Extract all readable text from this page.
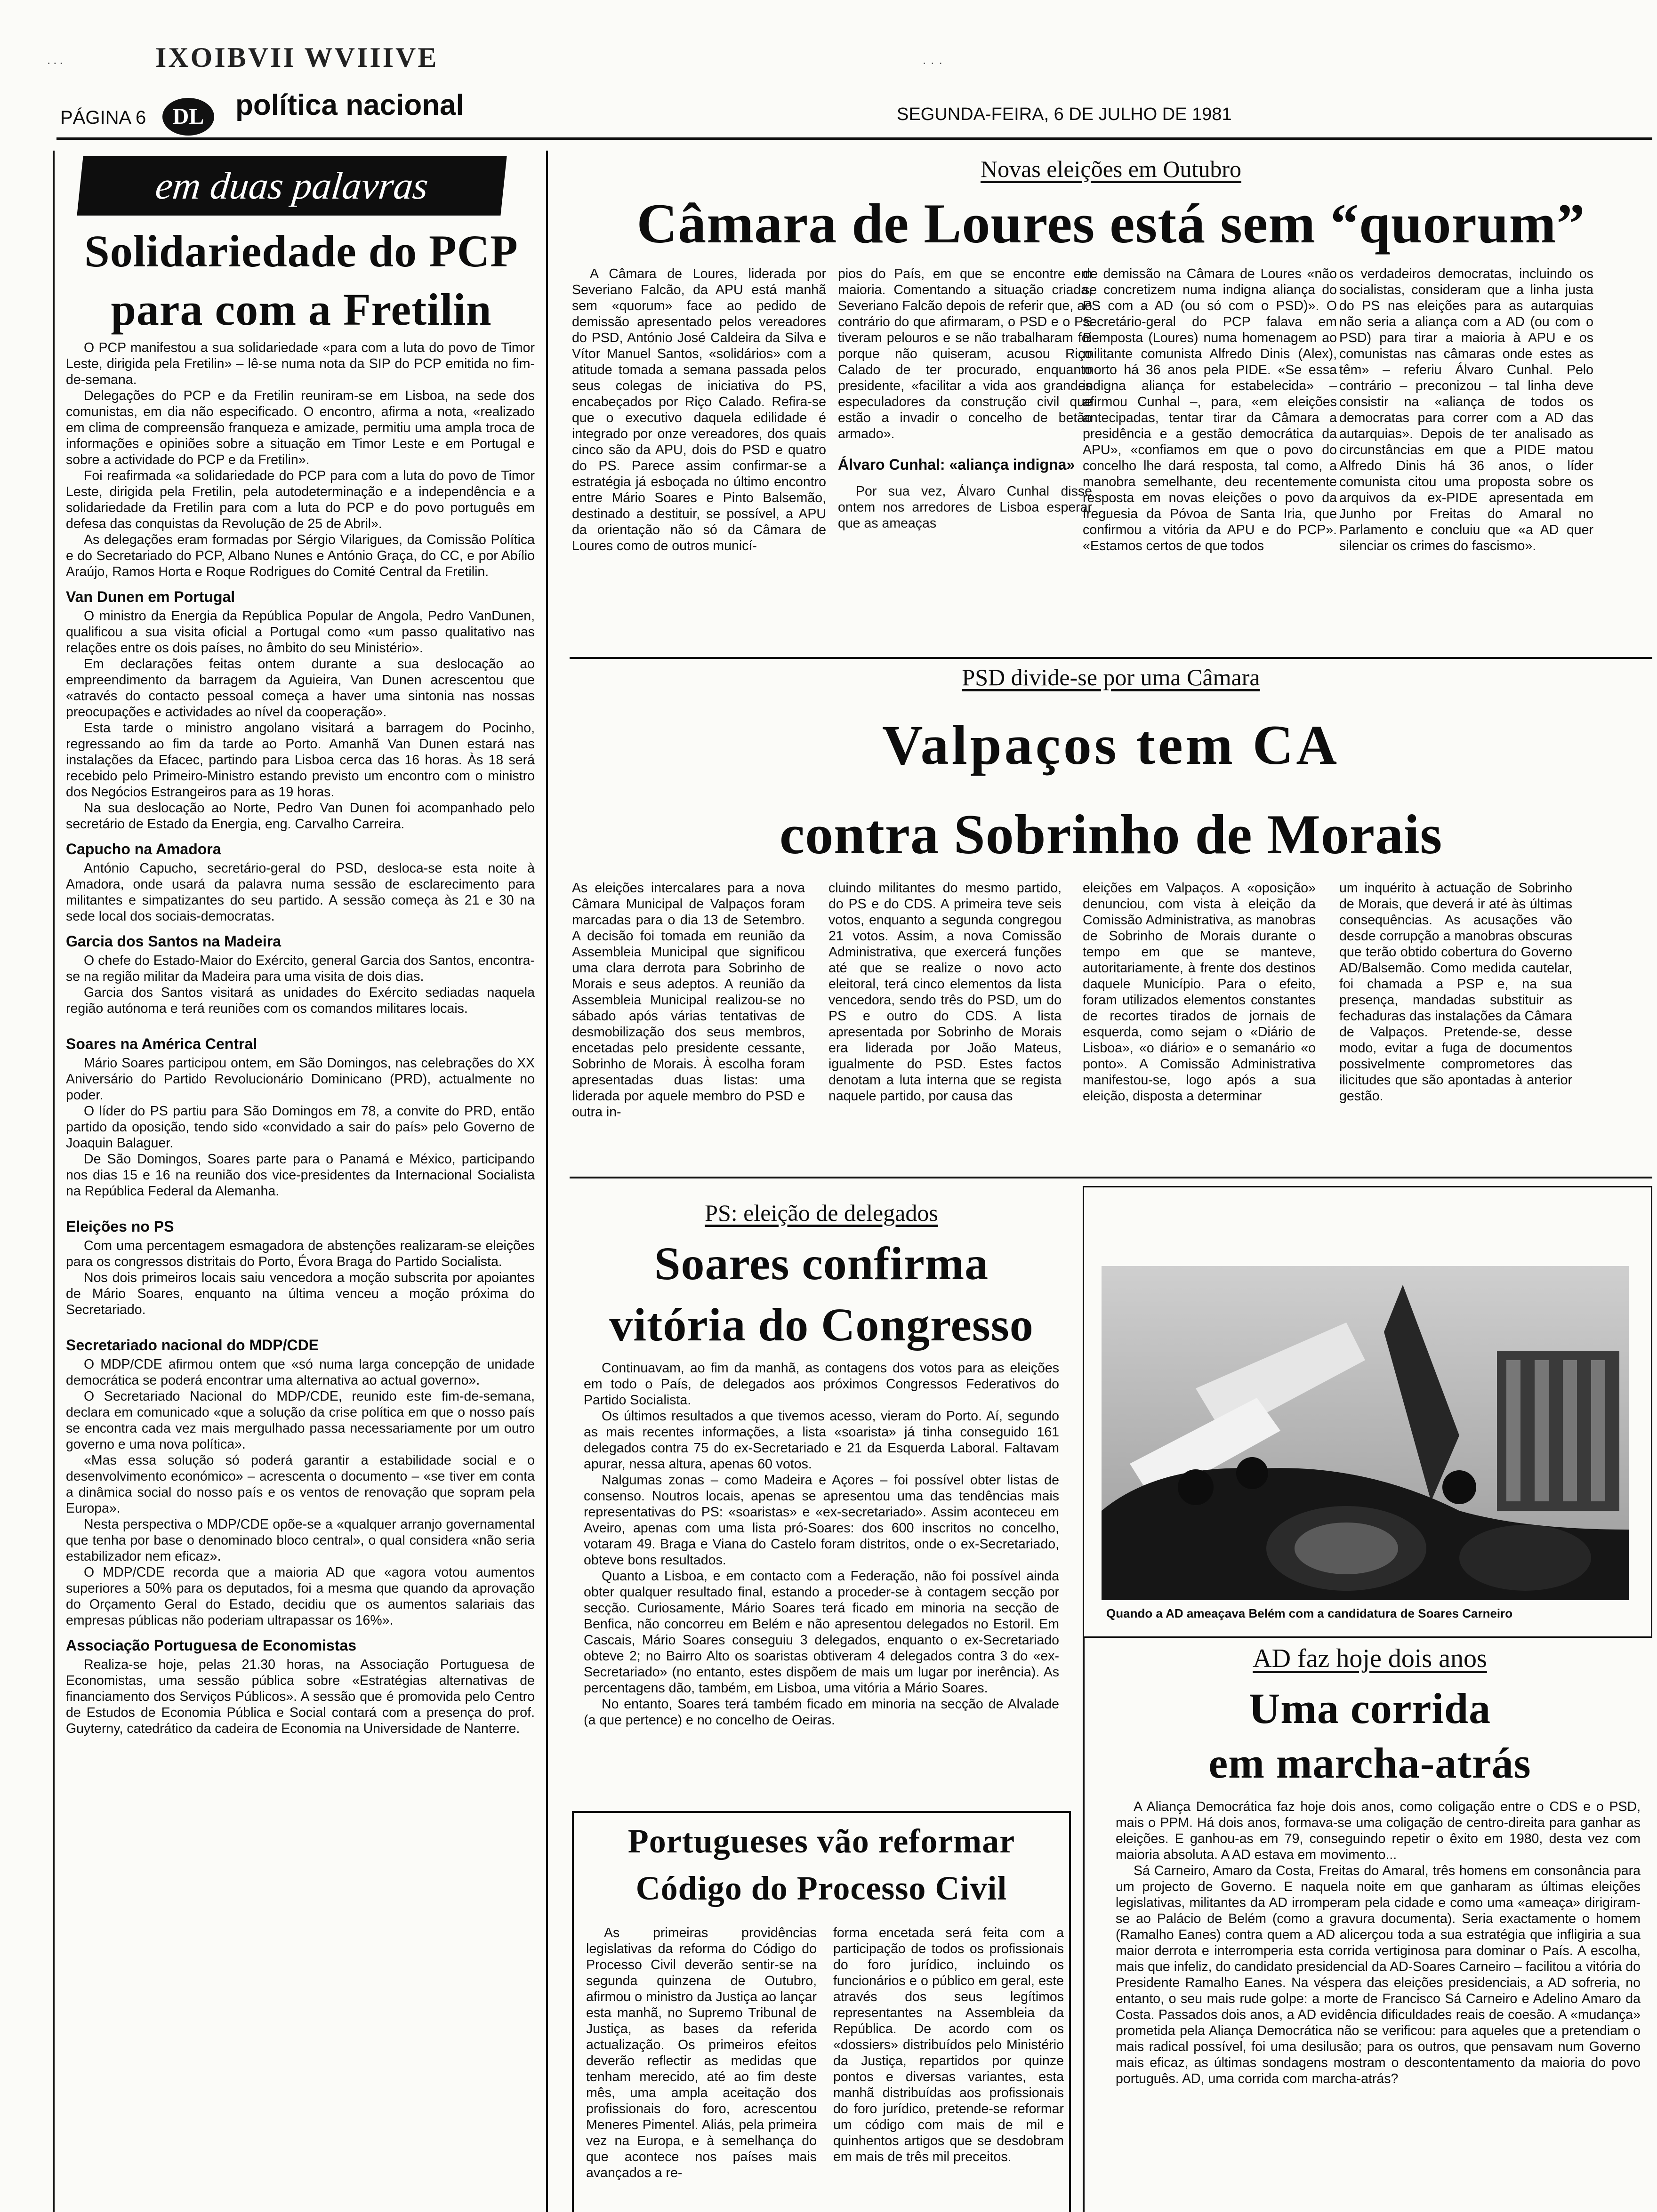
...	IXOIBVII WVIIIVE	...
PÁGINA 6	DL	política nacional	SEGUNDA-FEIRA, 6 DE JULHO DE 1981
em duas palavras
Solidariedade do PCP para com a Fretilin

O PCP manifestou a sua solidariedade «para com a luta do povo de Timor Leste, dirigida pela Fretilin» – lê-se numa nota da SIP do PCP emitida no fim-de-semana.

Delegações do PCP e da Fretilin reuniram-se em Lisboa, na sede dos comunistas, em dia não especificado. O encontro, afirma a nota, «realizado em clima de compreensão franqueza e amizade, permitiu uma ampla troca de informações e opiniões sobre a situação em Timor Leste e em Portugal e sobre a actividade do PCP e da Fretilin».

Foi reafirmada «a solidariedade do PCP para com a luta do povo de Timor Leste, dirigida pela Fretilin, pela autodeterminação e a independência e a solidariedade da Fretilin para com a luta do PCP e do povo português em defesa das conquistas da Revolução de 25 de Abril».

As delegações eram formadas por Sérgio Vilarigues, da Comissão Política e do Secretariado do PCP, Albano Nunes e António Graça, do CC, e por Abílio Araújo, Ramos Horta e Roque Rodrigues do Comité Central da Fretilin.

Van Dunen em Portugal

O ministro da Energia da República Popular de Angola, Pedro VanDunen, qualificou a sua visita oficial a Portugal como «um passo qualitativo nas relações entre os dois países, no âmbito do seu Ministério».

Em declarações feitas ontem durante a sua deslocação ao empreendimento da barragem da Aguieira, Van Dunen acrescentou que «através do contacto pessoal começa a haver uma sintonia nas nossas preocupações e actividades ao nível da cooperação».

Esta tarde o ministro angolano visitará a barragem do Pocinho, regressando ao fim da tarde ao Porto. Amanhã Van Dunen estará nas instalações da Efacec, partindo para Lisboa cerca das 16 horas. Às 18 será recebido pelo Primeiro-Ministro estando previsto um encontro com o ministro dos Negócios Estrangeiros para as 19 horas.

Na sua deslocação ao Norte, Pedro Van Dunen foi acompanhado pelo secretário de Estado da Energia, eng. Carvalho Carreira.

Capucho na Amadora

António Capucho, secretário-geral do PSD, desloca-se esta noite à Amadora, onde usará da palavra numa sessão de esclarecimento para militantes e simpatizantes do seu partido. A sessão começa às 21 e 30 na sede local dos sociais-democratas.

Garcia dos Santos na Madeira

O chefe do Estado-Maior do Exército, general Garcia dos Santos, encontra-se na região militar da Madeira para uma visita de dois dias.

Garcia dos Santos visitará as unidades do Exército sediadas naquela região autónoma e terá reuniões com os comandos militares locais.

Soares na América Central

Mário Soares participou ontem, em São Domingos, nas celebrações do XX Aniversário do Partido Revolucionário Dominicano (PRD), actualmente no poder.

O líder do PS partiu para São Domingos em 78, a convite do PRD, então partido da oposição, tendo sido «convidado a sair do país» pelo Governo de Joaquin Balaguer.

De São Domingos, Soares parte para o Panamá e México, participando nos dias 15 e 16 na reunião dos vice-presidentes da Internacional Socialista na República Federal da Alemanha.

Eleições no PS

Com uma percentagem esmagadora de abstenções realizaram-se eleições para os congressos distritais do Porto, Évora Braga do Partido Socialista.

Nos dois primeiros locais saiu vencedora a moção subscrita por apoiantes de Mário Soares, enquanto na última venceu a moção próxima do Secretariado.

Secretariado nacional do MDP/CDE

O MDP/CDE afirmou ontem que «só numa larga concepção de unidade democrática se poderá encontrar uma alternativa ao actual governo».

O Secretariado Nacional do MDP/CDE, reunido este fim-de-semana, declara em comunicado «que a solução da crise política em que o nosso país se encontra cada vez mais mergulhado passa necessariamente por um outro governo e uma nova política».

«Mas essa solução só poderá garantir a estabilidade social e o desenvolvimento económico» – acrescenta o documento – «se tiver em conta a dinâmica social do nosso país e os ventos de renovação que sopram pela Europa».

Nesta perspectiva o MDP/CDE opõe-se a «qualquer arranjo governamental que tenha por base o denominado bloco central», o qual considera «não seria estabilizador nem eficaz».

O MDP/CDE recorda que a maioria AD que «agora votou aumentos superiores a 50% para os deputados, foi a mesma que quando da aprovação do Orçamento Geral do Estado, decidiu que os aumentos salariais das empresas públicas não poderiam ultrapassar os 16%».

Associação Portuguesa de Economistas

Realiza-se hoje, pelas 21.30 horas, na Associação Portuguesa de Economistas, uma sessão pública sobre «Estratégias alternativas de financiamento dos Serviços Públicos». A sessão que é promovida pelo Centro de Estudos de Economia Pública e Social contará com a presença do prof. Guyterny, catedrático da cadeira de Economia na Universidade de Nanterre.

Novas eleições em Outubro
Câmara de Loures está sem “quorum”
A Câmara de Loures, liderada por Severiano Falcão, da APU está manhã sem «quorum» face ao pedido de demissão apresentado pelos vereadores do PSD, António José Caldeira da Silva e Vítor Manuel Santos, «solidários» com a atitude tomada a semana passada pelos seus colegas de iniciativa do PS, encabeçados por Riço Calado. Refira-se que o executivo daquela edilidade é integrado por onze vereadores, dos quais cinco são da APU, dois do PSD e quatro do PS. Parece assim confirmar-se a estratégia já esboçada no último encontro entre Mário Soares e Pinto Balsemão, destinado a destituir, se possível, a APU da orientação não só da Câmara de Loures como de outros municí-
pios do País, em que se encontre em maioria. Comentando a situação criada, Severiano Falcão depois de referir que, ao contrário do que afirmaram, o PSD e o PS tiveram pelouros e se não trabalharam foi porque não quiseram, acusou Riço Calado de ter procurado, enquanto presidente, «facilitar a vida aos grandes especuladores da construção civil que estão a invadir o concelho de betão armado».
Álvaro Cunhal: «aliança indigna»
Por sua vez, Álvaro Cunhal disse ontem nos arredores de Lisboa esperar que as ameaças
de demissão na Câmara de Loures «não se concretizem numa indigna aliança do PS com a AD (ou só com o PSD)». O secretário-geral do PCP falava em Bemposta (Loures) numa homenagem ao militante comunista Alfredo Dinis (Alex), morto há 36 anos pela PIDE. «Se essa indigna aliança for estabelecida» – afirmou Cunhal –, para, «em eleições antecipadas, tentar tirar da Câmara a presidência e a gestão democrática da APU», «confiamos em que o povo do concelho lhe dará resposta, tal como, a manobra semelhante, deu recentemente resposta em novas eleições o povo da freguesia da Póvoa de Santa Iria, que confirmou a vitória da APU e do PCP». «Estamos certos de que todos
os verdadeiros democratas, incluindo os socialistas, consideram que a linha justa do PS nas eleições para as autarquias não seria a aliança com a AD (ou com o PSD) para tirar a maioria à APU e os comunistas nas câmaras onde estes as têm» – referiu Álvaro Cunhal. Pelo contrário – preconizou – tal linha deve consistir na «aliança de todos os democratas para correr com a AD das autarquias». Depois de ter analisado as circunstâncias em que a PIDE matou Alfredo Dinis há 36 anos, o líder comunista citou uma proposta sobre os arquivos da ex-PIDE apresentada em Junho por Freitas do Amaral no Parlamento e concluiu que «a AD quer silenciar os crimes do fascismo».
PSD divide-se por uma Câmara
Valpaços tem CA
contra Sobrinho de Morais
As eleições intercalares para a nova Câmara Municipal de Valpaços foram marcadas para o dia 13 de Setembro. A decisão foi tomada em reunião da Assembleia Municipal que significou uma clara derrota para Sobrinho de Morais e seus adeptos. A reunião da Assembleia Municipal realizou-se no sábado após várias tentativas de desmobilização dos seus membros, encetadas pelo presidente cessante, Sobrinho de Morais. À escolha foram apresentadas duas listas: uma liderada por aquele membro do PSD e outra in-
cluindo militantes do mesmo partido, do PS e do CDS. A primeira teve seis votos, enquanto a segunda congregou 21 votos. Assim, a nova Comissão Administrativa, que exercerá funções até que se realize o novo acto eleitoral, terá cinco elementos da lista vencedora, sendo três do PSD, um do PS e outro do CDS. A lista apresentada por Sobrinho de Morais era liderada por João Mateus, igualmente do PSD. Estes factos denotam a luta interna que se regista naquele partido, por causa das
eleições em Valpaços. A «oposição» denunciou, com vista à eleição da Comissão Administrativa, as manobras de Sobrinho de Morais durante o tempo em que se manteve, autoritariamente, à frente dos destinos daquele Município. Para o efeito, foram utilizados elementos constantes de recortes tirados de jornais de esquerda, como sejam o «Diário de Lisboa», «o diário» e o semanário «o ponto». A Comissão Administrativa manifestou-se, logo após a sua eleição, disposta a determinar
um inquérito à actuação de Sobrinho de Morais, que deverá ir até às últimas consequências. As acusações vão desde corrupção a manobras obscuras que terão obtido cobertura do Governo AD/Balsemão. Como medida cautelar, foi chamada a PSP e, na sua presença, mandadas substituir as fechaduras das instalações da Câmara de Valpaços. Pretende-se, desse modo, evitar a fuga de documentos possivelmente comprometores das ilicitudes que são apontadas à anterior gestão.
PS: eleição de delegados
Soares confirma
vitória do Congresso

Continuavam, ao fim da manhã, as contagens dos votos para as eleições em todo o País, de delegados aos próximos Congressos Federativos do Partido Socialista.

Os últimos resultados a que tivemos acesso, vieram do Porto. Aí, segundo as mais recentes informações, a lista «soarista» já tinha conseguido 161 delegados contra 75 do ex-Secretariado e 21 da Esquerda Laboral. Faltavam apurar, nessa altura, apenas 60 votos.

Nalgumas zonas – como Madeira e Açores – foi possível obter listas de consenso. Noutros locais, apenas se apresentou uma das tendências mais representativas do PS: «soaristas» e «ex-secretariado». Assim aconteceu em Aveiro, apenas com uma lista pró-Soares: dos 600 inscritos no concelho, votaram 49. Braga e Viana do Castelo foram distritos, onde o ex-Secretariado, obteve bons resultados.

Quanto a Lisboa, e em contacto com a Federação, não foi possível ainda obter qualquer resultado final, estando a proceder-se à contagem secção por secção. Curiosamente, Mário Soares terá ficado em minoria na secção de Benfica, não concorreu em Belém e não apresentou delegados no Estoril. Em Cascais, Mário Soares conseguiu 3 delegados, enquanto o ex-Secretariado obteve 2; no Bairro Alto os soaristas obtiveram 4 delegados contra 3 do «ex-Secretariado» (no entanto, estes dispõem de mais um lugar por inerência). As percentagens dão, também, em Lisboa, uma vitória a Mário Soares.

No entanto, Soares terá também ficado em minoria na secção de Alvalade (a que pertence) e no concelho de Oeiras.

Portugueses vão reformar
Código do Processo Civil
As primeiras providências legislativas da reforma do Código do Processo Civil deverão sentir-se na segunda quinzena de Outubro, afirmou o ministro da Justiça ao lançar esta manhã, no Supremo Tribunal de Justiça, as bases da referida actualização. Os primeiros efeitos deverão reflectir as medidas que tenham merecido, até ao fim deste mês, uma ampla aceitação dos profissionais do foro, acrescentou Meneres Pimentel. Aliás, pela primeira vez na Europa, e à semelhança do que acontece nos países mais avançados a re-
forma encetada será feita com a participação de todos os profissionais do foro jurídico, incluindo os funcionários e o público em geral, este através dos seus legítimos representantes na Assembleia da República. De acordo com os «dossiers» distribuídos pelo Ministério da Justiça, repartidos por quinze pontos e diversas variantes, esta manhã distribuídas aos profissionais do foro jurídico, pretende-se reformar um código com mais de mil e quinhentos artigos que se desdobram em mais de três mil preceitos.
Quando a AD ameaçava Belém com a candidatura de Soares Carneiro
AD faz hoje dois anos
Uma corrida
em marcha-atrás

A Aliança Democrática faz hoje dois anos, como coligação entre o CDS e o PSD, mais o PPM. Há dois anos, formava-se uma coligação de centro-direita para ganhar as eleições. E ganhou-as em 79, conseguindo repetir o êxito em 1980, desta vez com maioria absoluta. A AD estava em movimento...

Sá Carneiro, Amaro da Costa, Freitas do Amaral, três homens em consonância para um projecto de Governo. E naquela noite em que ganharam as últimas eleições legislativas, militantes da AD irromperam pela cidade e como uma «ameaça» dirigiram-se ao Palácio de Belém (como a gravura documenta). Seria exactamente o homem (Ramalho Eanes) contra quem a AD alicerçou toda a sua estratégia que infligiria a sua maior derrota e interromperia esta corrida vertiginosa para dominar o País. A escolha, mais que infeliz, do candidato presidencial da AD-Soares Carneiro – facilitou a vitória do Presidente Ramalho Eanes. Na véspera das eleições presidenciais, a AD sofreria, no entanto, o seu mais rude golpe: a morte de Francisco Sá Carneiro e Adelino Amaro da Costa. Passados dois anos, a AD evidência dificuldades reais de coesão. A «mudança» prometida pela Aliança Democrática não se verificou: para aqueles que a pretendiam o mais radical possível, foi uma desilusão; para os outros, que pensavam num Governo mais eficaz, as últimas sondagens mostram o descontentamento da maioria do povo português. AD, uma corrida com marcha-atrás?
